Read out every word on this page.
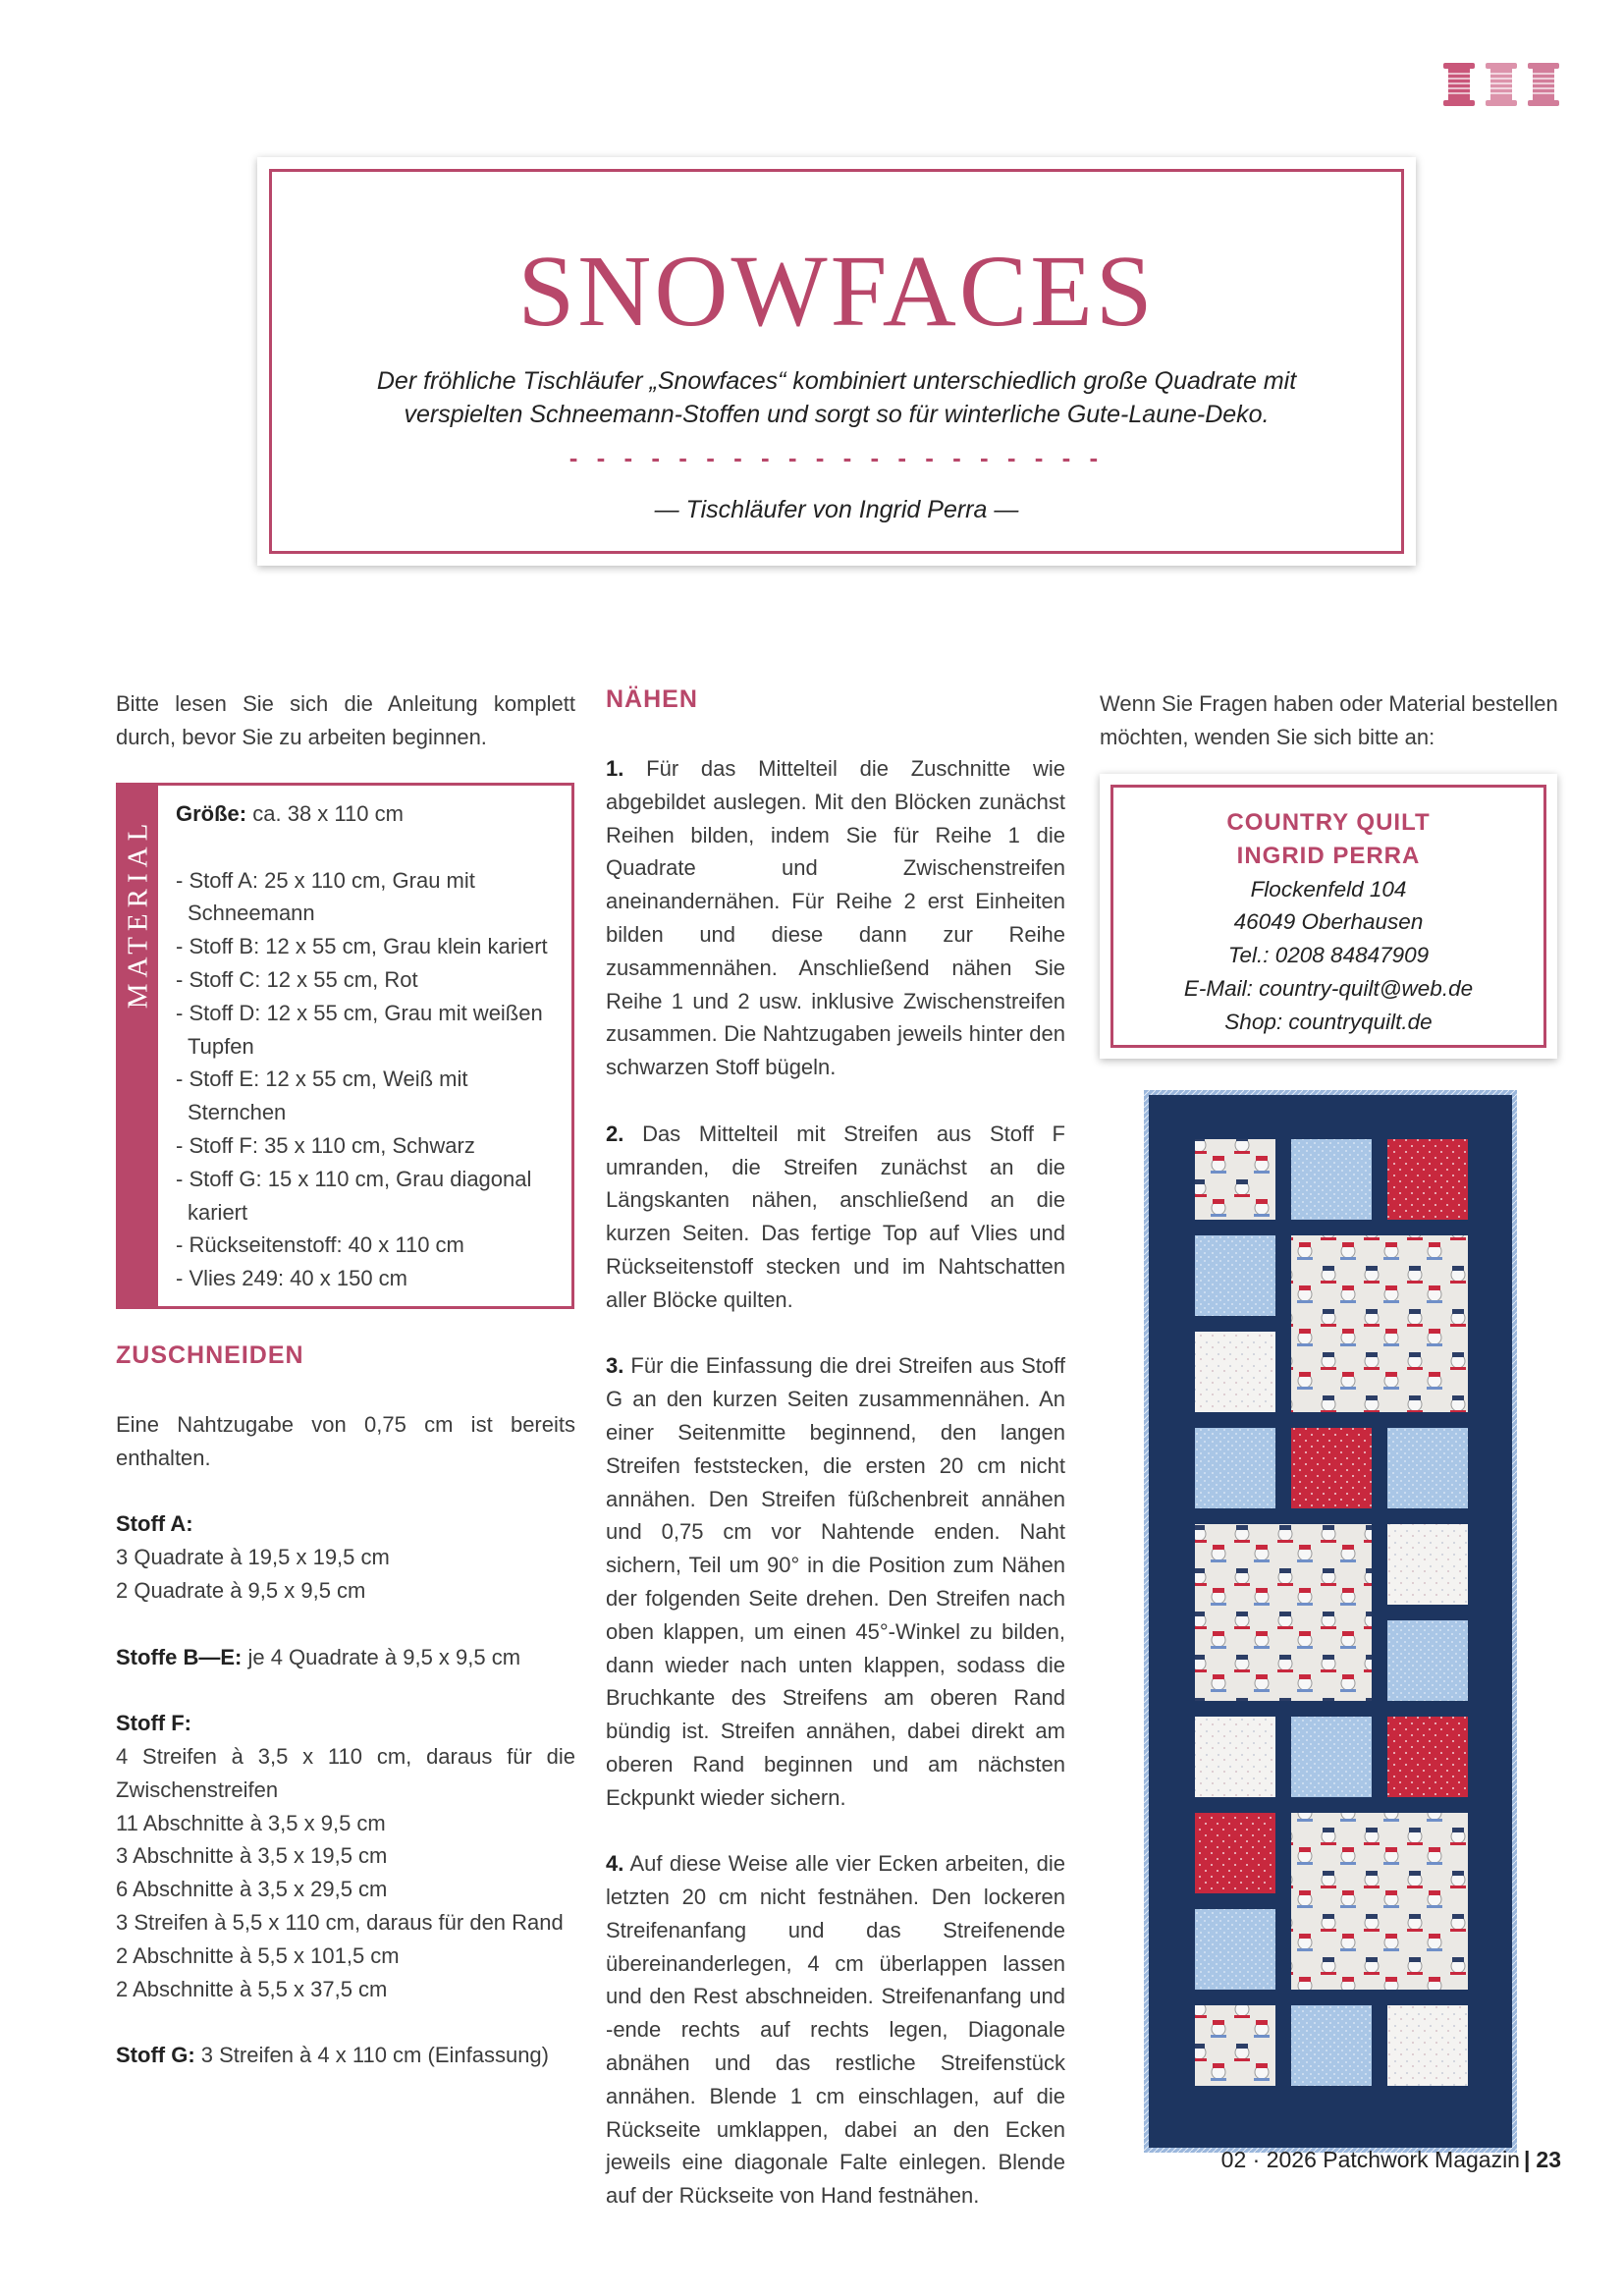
SNOWFACES
Der fröhliche Tischläufer „Snowfaces“ kombiniert unterschiedlich große Quadrate mit
verspielten Schneemann-Stoffen und sorgt so für winterliche Gute-Laune-Deko.
- - - - - - - - - - - - - - - - - - - -
— Tischläufer von Ingrid Perra —
Bitte lesen Sie sich die Anleitung komplett durch, bevor Sie zu arbeiten beginnen.
MATERIAL
Größe: ca. 38 x 110 cm
- Stoff A: 25 x 110 cm, Grau mit Schneemann
- Stoff B: 12 x 55 cm, Grau klein kariert
- Stoff C: 12 x 55 cm, Rot
- Stoff D: 12 x 55 cm, Grau mit weißen Tupfen
- Stoff E: 12 x 55 cm, Weiß mit Sternchen
- Stoff F: 35 x 110 cm, Schwarz
- Stoff G: 15 x 110 cm, Grau diagonal kariert
- Rückseitenstoff: 40 x 110 cm
- Vlies 249: 40 x 150 cm
ZUSCHNEIDEN
Eine Nahtzugabe von 0,75 cm ist bereits enthalten.
Stoff A:
3 Quadrate à 19,5 x 19,5 cm
2 Quadrate à 9,5 x 9,5 cm
Stoffe B—E: je 4 Quadrate à 9,5 x 9,5 cm
Stoff F:
4 Streifen à 3,5 x 110 cm, daraus für die Zwischenstreifen
11 Abschnitte à 3,5 x 9,5 cm
3 Abschnitte à 3,5 x 19,5 cm
6 Abschnitte à 3,5 x 29,5 cm
3 Streifen à 5,5 x 110 cm, daraus für den Rand
2 Abschnitte à 5,5 x 101,5 cm
2 Abschnitte à 5,5 x 37,5 cm
Stoff G: 3 Streifen à 4 x 110 cm (Einfassung)
NÄHEN
1. Für das Mittelteil die Zuschnitte wie abgebildet auslegen. Mit den Blöcken zunächst Reihen bilden, indem Sie für Reihe 1 die Quadrate und Zwischenstreifen aneinandernähen. Für Reihe 2 erst Einheiten bilden und diese dann zur Reihe zusammennähen. Anschließend nähen Sie Reihe 1 und 2 usw. inklusive Zwischenstreifen zusammen. Die Nahtzugaben jeweils hinter den schwarzen Stoff bügeln.
2. Das Mittelteil mit Streifen aus Stoff F umranden, die Streifen zunächst an die Längskanten nähen, anschließend an die kurzen Seiten. Das fertige Top auf Vlies und Rückseitenstoff stecken und im Nahtschatten aller Blöcke quilten.
3. Für die Einfassung die drei Streifen aus Stoff G an den kurzen Seiten zusammennähen. An einer Seitenmitte beginnend, den langen Streifen feststecken, die ersten 20 cm nicht annähen. Den Streifen füßchenbreit annähen und 0,75 cm vor Nahtende enden. Naht sichern, Teil um 90° in die Position zum Nähen der folgenden Seite drehen. Den Streifen nach oben klappen, um einen 45°-Winkel zu bilden, dann wieder nach unten klappen, sodass die Bruchkante des Streifens am oberen Rand bündig ist. Streifen annähen, dabei direkt am oberen Rand beginnen und am nächsten Eckpunkt wieder sichern.
4. Auf diese Weise alle vier Ecken arbeiten, die letzten 20 cm nicht festnähen. Den lockeren Streifenanfang und das Streifenende übereinanderlegen, 4 cm überlappen lassen und den Rest abschneiden. Streifenanfang und -ende rechts auf rechts legen, Diagonale abnähen und das restliche Streifenstück annähen. Blende 1 cm einschlagen, auf die Rückseite umklappen, dabei an den Ecken jeweils eine diagonale Falte einlegen. Blende auf der Rückseite von Hand festnähen.
Wenn Sie Fragen haben oder Material bestellen möchten, wenden Sie sich bitte an:
COUNTRY QUILT
INGRID PERRA
Flockenfeld 104
46049 Oberhausen
Tel.: 0208 84847909
E-Mail: country-quilt@web.de
Shop: countryquilt.de
02 · 2026 Patchwork Magazin | 23
